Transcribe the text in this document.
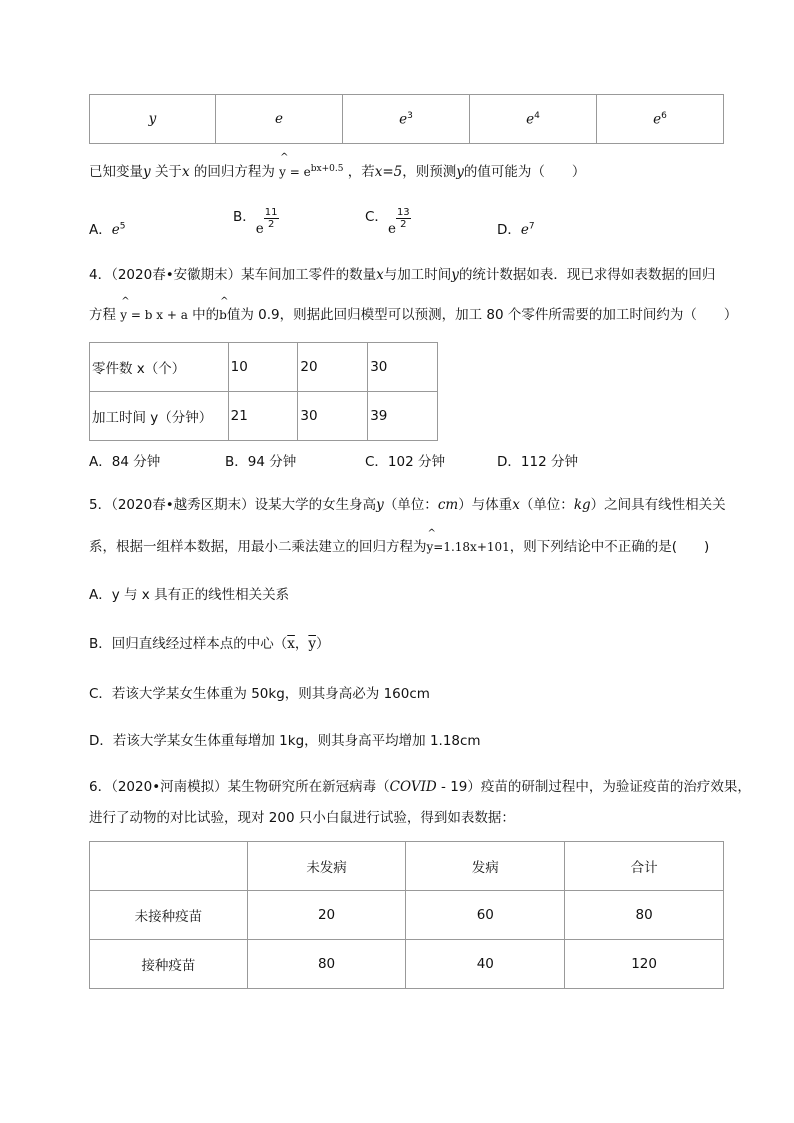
y	e	$e^3$	$e^4$	$e^6$
已知变量y 关于x 的回归方程为 ^ $y = e^{bx+0.5}$ ，若x=5，则预测y的值可能为（　　）
A．$e^5$
B．e $\frac{11}{2}$	C．e $\frac{13}{2}$	D．$e^7$
4．（2020春•安徽期末）某车间加工零件的数量x与加工时间y的统计数据如表．现已求得如表数据的回归
方程 ^ y = b x + a 中的^ b值为 0.9，则据此回归模型可以预测，加工 80 个零件所需要的加工时间约为（　　）
零件数 x（个）	10	20	30
加工时间 y（分钟）	21	30	39
A．84 分钟	B．94 分钟	C．102 分钟	D．112 分钟
5．（2020春•越秀区期末）设某大学的女生身高y（单位：cm）与体重x（单位：kg）之间具有线性相关关
系，根据一组样本数据，用最小二乘法建立的回归方程为^ y=1.18x+101，则下列结论中不正确的是(　　)
A．y 与 x 具有正的线性相关关系
B．回归直线经过样本点的中心（$\overline{x}$，$\overline{y}$）
C．若该大学某女生体重为 50kg，则其身高必为 160cm
D．若该大学某女生体重每增加 1kg，则其身高平均增加 1.18cm
6．（2020•河南模拟）某生物研究所在新冠病毒（COVID - 19）疫苗的研制过程中，为验证疫苗的治疗效果，
进行了动物的对比试验，现对 200 只小白鼠进行试验，得到如表数据：
	未发病	发病	合计
未接种疫苗	20	60	80
接种疫苗	80	40	120
